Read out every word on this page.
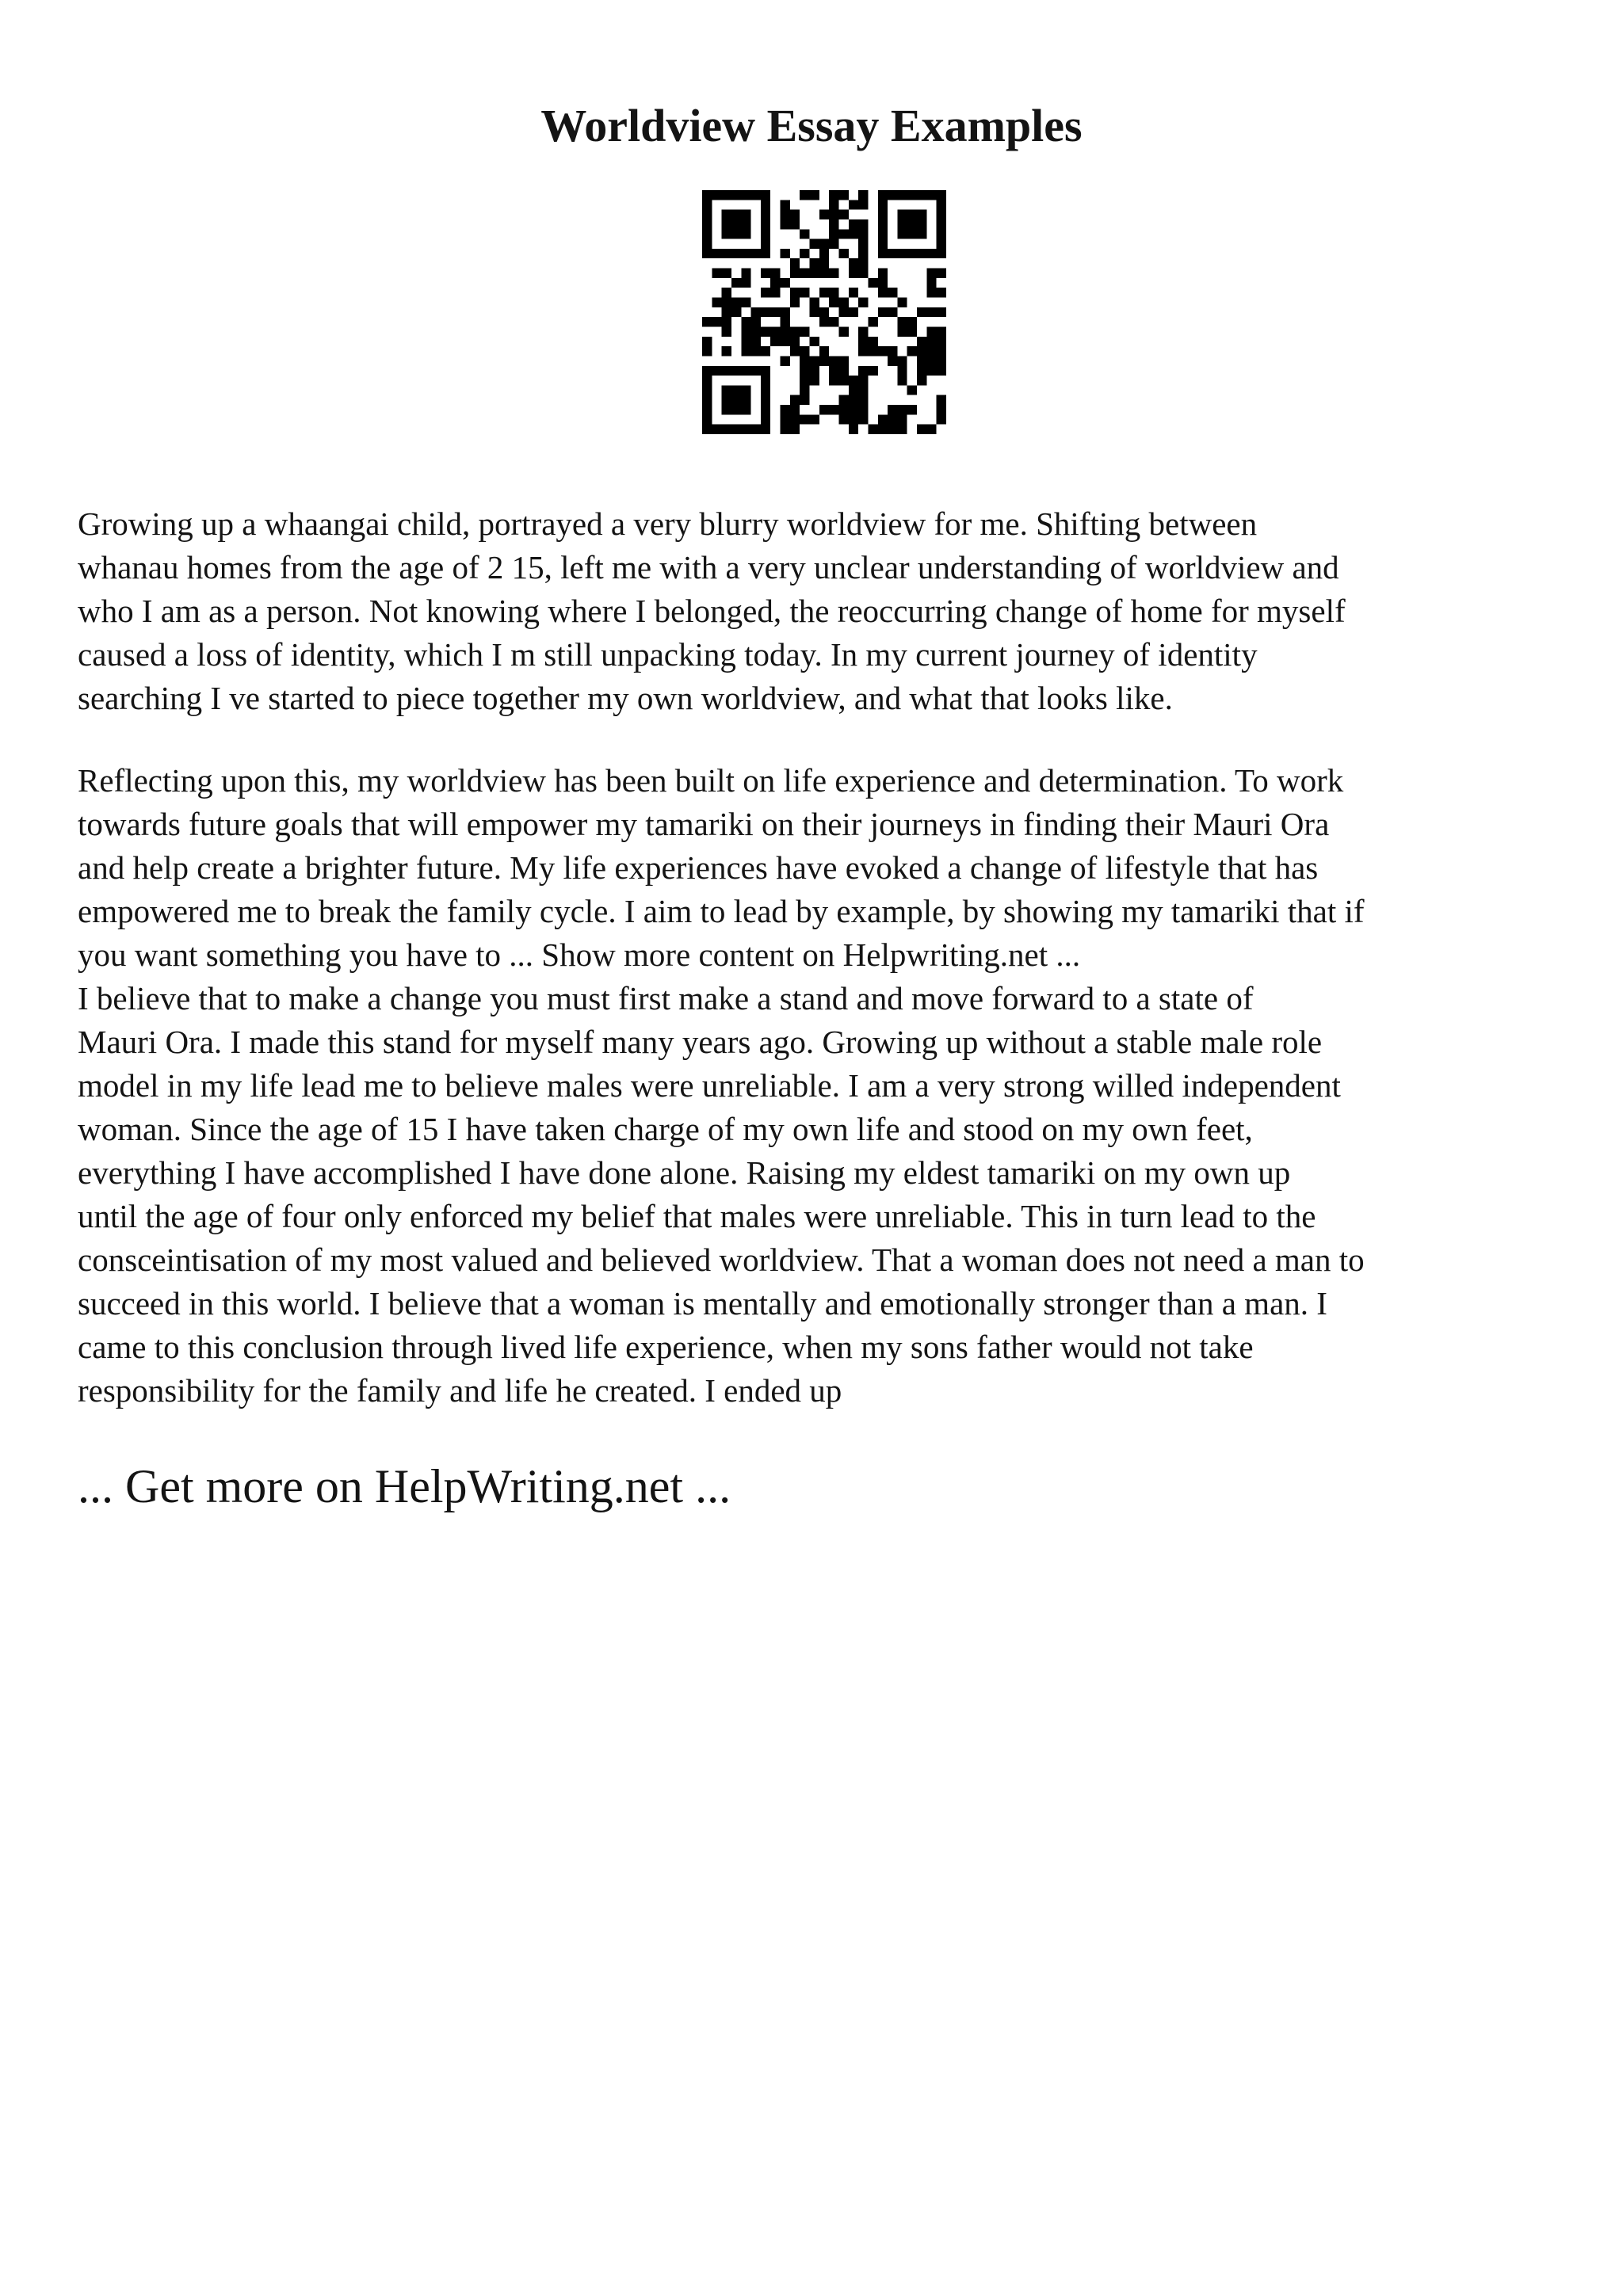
Worldview Essay Examples

Growing up a whaangai child, portrayed a very blurry worldview for me. Shifting between
whanau homes from the age of 2 15, left me with a very unclear understanding of worldview and
who I am as a person. Not knowing where I belonged, the reoccurring change of home for myself
caused a loss of identity, which I m still unpacking today. In my current journey of identity
searching I ve started to piece together my own worldview, and what that looks like.

Reflecting upon this, my worldview has been built on life experience and determination. To work
towards future goals that will empower my tamariki on their journeys in finding their Mauri Ora
and help create a brighter future. My life experiences have evoked a change of lifestyle that has
empowered me to break the family cycle. I aim to lead by example, by showing my tamariki that if
you want something you have to ... Show more content on Helpwriting.net ...
I believe that to make a change you must first make a stand and move forward to a state of
Mauri Ora. I made this stand for myself many years ago. Growing up without a stable male role
model in my life lead me to believe males were unreliable. I am a very strong willed independent
woman. Since the age of 15 I have taken charge of my own life and stood on my own feet,
everything I have accomplished I have done alone. Raising my eldest tamariki on my own up
until the age of four only enforced my belief that males were unreliable. This in turn lead to the
consceintisation of my most valued and believed worldview. That a woman does not need a man to
succeed in this world. I believe that a woman is mentally and emotionally stronger than a man. I
came to this conclusion through lived life experience, when my sons father would not take
responsibility for the family and life he created. I ended up

... Get more on HelpWriting.net ...
